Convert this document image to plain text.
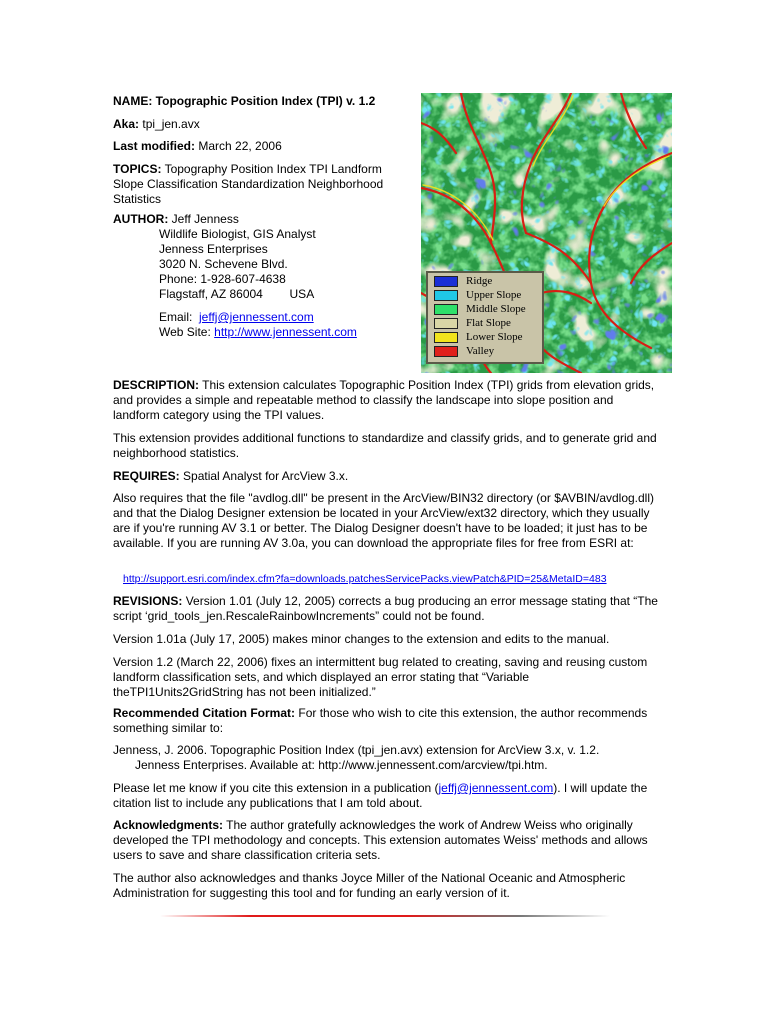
NAME: Topographic Position Index (TPI) v. 1.2
Aka: tpi_jen.avx
Last modified: March 22, 2006
TOPICS: Topography Position Index TPI Landform Slope Classification Standardization Neighborhood Statistics
AUTHOR: Jeff Jenness
Wildlife Biologist, GIS Analyst
Jenness Enterprises
3020 N. Schevene Blvd.
Phone: 1-928-607-4638
Flagstaff, AZ 86004        USA
Email: jeffj@jennessent.com
Web Site: http://www.jennessent.com
Ridge
Upper Slope
Middle Slope
Flat Slope
Lower Slope
Valley

DESCRIPTION: This extension calculates Topographic Position Index (TPI) grids from elevation grids, and provides a simple and repeatable method to classify the landscape into slope position and landform category using the TPI values.

This extension provides additional functions to standardize and classify grids, and to generate grid and neighborhood statistics.

REQUIRES: Spatial Analyst for ArcView 3.x.

Also requires that the file "avdlog.dll" be present in the ArcView/BIN32 directory (or $AVBIN/avdlog.dll) and that the Dialog Designer extension be located in your ArcView/ext32 directory, which they usually are if you're running AV 3.1 or better. The Dialog Designer doesn't have to be loaded; it just has to be available. If you are running AV 3.0a, you can download the appropriate files for free from ESRI at:

http://support.esri.com/index.cfm?fa=downloads.patchesServicePacks.viewPatch&PID=25&MetaID=483

REVISIONS: Version 1.01 (July 12, 2005) corrects a bug producing an error message stating that “The script ‘grid_tools_jen.RescaleRainbowIncrements” could not be found.

Version 1.01a (July 17, 2005) makes minor changes to the extension and edits to the manual.

Version 1.2 (March 22, 2006) fixes an intermittent bug related to creating, saving and reusing custom landform classification sets, and which displayed an error stating that “Variable theTPI1Units2GridString has not been initialized.”

Recommended Citation Format: For those who wish to cite this extension, the author recommends something similar to:

Jenness, J. 2006. Topographic Position Index (tpi_jen.avx) extension for ArcView 3.x, v. 1.2.
Jenness Enterprises. Available at: http://www.jennessent.com/arcview/tpi.htm.

Please let me know if you cite this extension in a publication (jeffj@jennessent.com). I will update the citation list to include any publications that I am told about.

Acknowledgments: The author gratefully acknowledges the work of Andrew Weiss who originally developed the TPI methodology and concepts. This extension automates Weiss' methods and allows users to save and share classification criteria sets.

The author also acknowledges and thanks Joyce Miller of the National Oceanic and Atmospheric Administration for suggesting this tool and for funding an early version of it.
